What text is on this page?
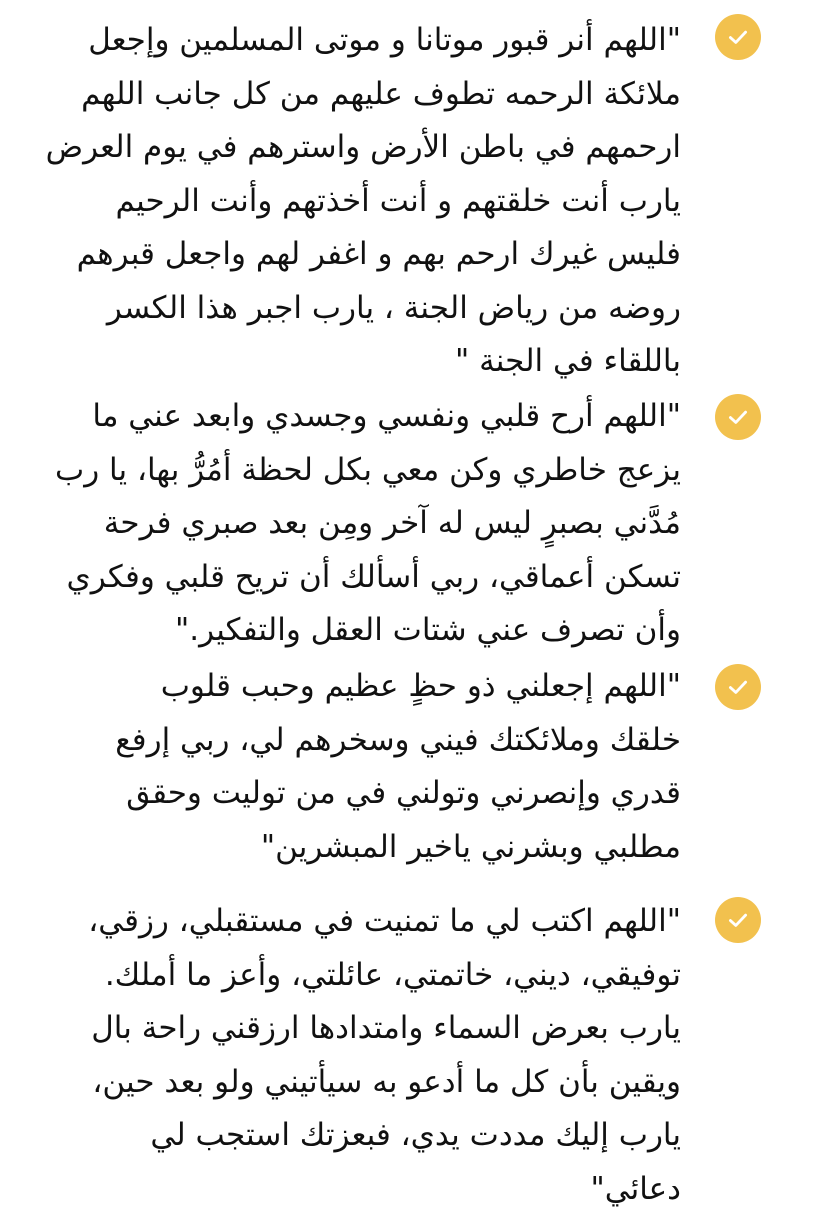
"اللهم أنر قبور موتانا و موتى المسلمين وإجعل
ملائكة الرحمه تطوف عليهم من كل جانب اللهم
ارحمهم في باطن الأرض واسترهم في يوم العرض
يارب أنت خلقتهم و أنت أخذتهم وأنت الرحيم
فليس غيرك ارحم بهم و اغفر لهم واجعل قبرهم
روضه من رياض الجنة ، يارب اجبر هذا الكسر
باللقاء في الجنة "
"اللهم أرح قلبي ونفسي وجسدي وابعد عني ما
يزعج خاطري وكن معي بكل لحظة أمُرُّ بها، يا رب
مُدَّني بصبرٍ ليس له آخر ومِن بعد صبري فرحة
تسكن أعماقي، ربي أسألك أن تريح قلبي وفكري
وأن تصرف عني شتات العقل والتفكير."
"اللهم إجعلني ذو حظٍ عظيم وحبب قلوب
خلقك وملائكتك فيني وسخرهم لي، ربي إرفع
قدري وإنصرني وتولني في من توليت وحقق
مطلبي وبشرني ياخير المبشرين"
"اللهم اكتب لي ما تمنيت في مستقبلي، رزقي،
توفيقي، ديني، خاتمتي، عائلتي، وأعز ما أملك.
يارب بعرض السماء وامتدادها ارزقني راحة بال
ويقين بأن كل ما أدعو به سيأتيني ولو بعد حين،
يارب إليك مددت يدي، فبعزتك استجب لي
دعائي"
